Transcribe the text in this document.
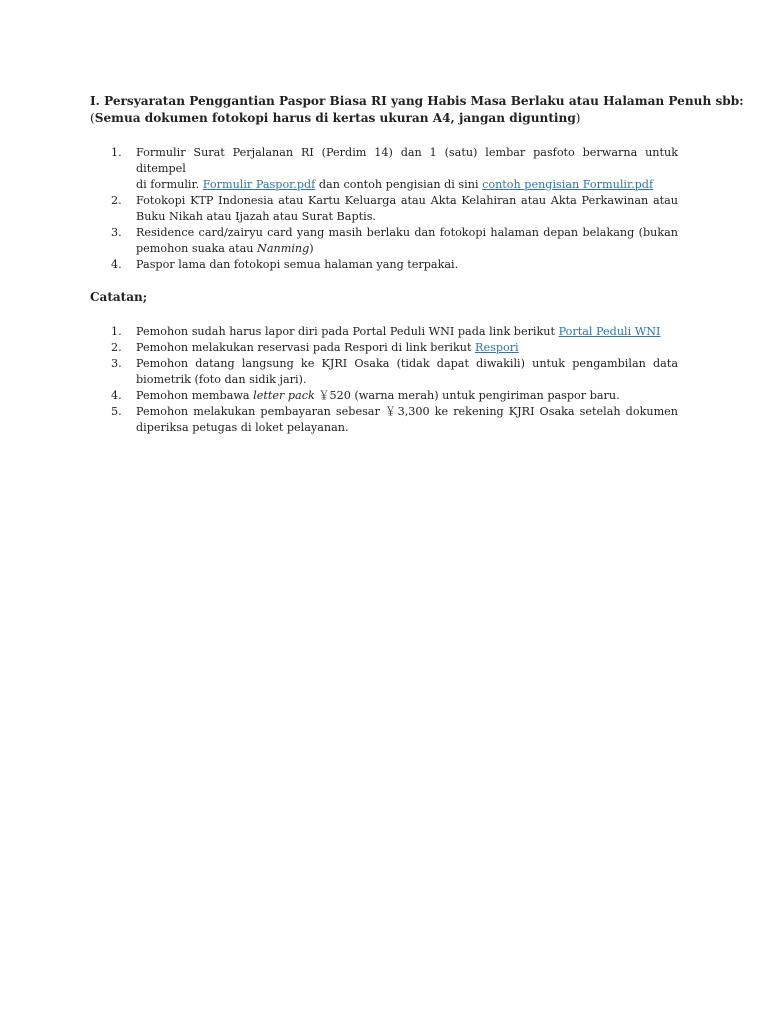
I. Persyaratan Penggantian Paspor Biasa RI yang Habis Masa Berlaku atau Halaman Penuh sbb:

(Semua dokumen fotokopi harus di kertas ukuran A4, jangan digunting)

1. Formulir Surat Perjalanan RI (Perdim 14) dan 1 (satu) lembar pasfoto berwarna untuk ditempel
di formulir. Formulir Paspor.pdf dan contoh pengisian di sini contoh pengisian Formulir.pdf
2. Fotokopi KTP Indonesia atau Kartu Keluarga atau Akta Kelahiran atau Akta Perkawinan atau
Buku Nikah atau Ijazah atau Surat Baptis.
3. Residence card/zairyu card yang masih berlaku dan fotokopi halaman depan belakang (bukan
pemohon suaka atau Nanming)
4. Paspor lama dan fotokopi semua halaman yang terpakai.
Catatan;
1. Pemohon sudah harus lapor diri pada Portal Peduli WNI pada link berikut Portal Peduli WNI
2. Pemohon melakukan reservasi pada Respori di link berikut Respori
3. Pemohon datang langsung ke KJRI Osaka (tidak dapat diwakili) untuk pengambilan data
biometrik (foto dan sidik jari).
4. Pemohon membawa letter pack ￥520 (warna merah) untuk pengiriman paspor baru.
5. Pemohon melakukan pembayaran sebesar ￥3,300 ke rekening KJRI Osaka setelah dokumen
diperiksa petugas di loket pelayanan.
